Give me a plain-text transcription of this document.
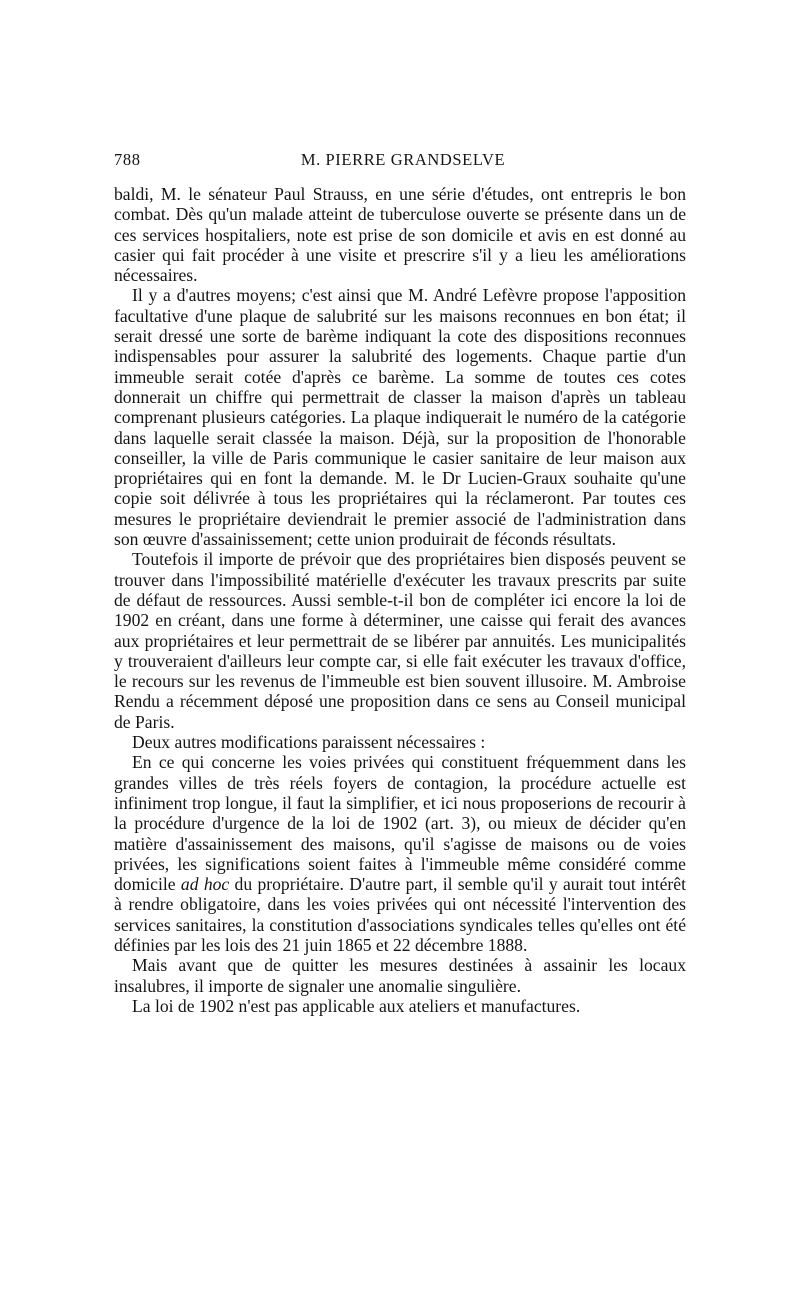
788	M. PIERRE GRANDSELVE

baldi, M. le sénateur Paul Strauss, en une série d'études, ont entrepris le bon combat. Dès qu'un malade atteint de tuberculose ouverte se présente dans un de ces services hospitaliers, note est prise de son domicile et avis en est donné au casier qui fait procéder à une visite et prescrire s'il y a lieu les améliorations nécessaires.

Il y a d'autres moyens; c'est ainsi que M. André Lefèvre propose l'apposition facultative d'une plaque de salubrité sur les maisons reconnues en bon état; il serait dressé une sorte de barème indiquant la cote des dispositions reconnues indispensables pour assurer la salubrité des logements. Chaque partie d'un immeuble serait cotée d'après ce barème. La somme de toutes ces cotes donnerait un chiffre qui permettrait de classer la maison d'après un tableau comprenant plusieurs catégories. La plaque indiquerait le numéro de la catégorie dans laquelle serait classée la maison. Déjà, sur la proposition de l'honorable conseiller, la ville de Paris communique le casier sanitaire de leur maison aux propriétaires qui en font la demande. M. le Dr Lucien-Graux souhaite qu'une copie soit délivrée à tous les propriétaires qui la réclameront. Par toutes ces mesures le propriétaire deviendrait le premier associé de l'administration dans son œuvre d'assainissement; cette union produirait de féconds résultats.

Toutefois il importe de prévoir que des propriétaires bien disposés peuvent se trouver dans l'impossibilité matérielle d'exécuter les travaux prescrits par suite de défaut de ressources. Aussi semble-t-il bon de compléter ici encore la loi de 1902 en créant, dans une forme à déterminer, une caisse qui ferait des avances aux propriétaires et leur permettrait de se libérer par annuités. Les municipalités y trouveraient d'ailleurs leur compte car, si elle fait exécuter les travaux d'office, le recours sur les revenus de l'immeuble est bien souvent illusoire. M. Ambroise Rendu a récemment déposé une proposition dans ce sens au Conseil municipal de Paris.

Deux autres modifications paraissent nécessaires :

En ce qui concerne les voies privées qui constituent fréquemment dans les grandes villes de très réels foyers de contagion, la procédure actuelle est infiniment trop longue, il faut la simplifier, et ici nous proposerions de recourir à la procédure d'urgence de la loi de 1902 (art. 3), ou mieux de décider qu'en matière d'assainissement des maisons, qu'il s'agisse de maisons ou de voies privées, les significations soient faites à l'immeuble même considéré comme domicile ad hoc du propriétaire. D'autre part, il semble qu'il y aurait tout intérêt à rendre obligatoire, dans les voies privées qui ont nécessité l'intervention des services sanitaires, la constitution d'associations syndicales telles qu'elles ont été définies par les lois des 21 juin 1865 et 22 décembre 1888.

Mais avant que de quitter les mesures destinées à assainir les locaux insalubres, il importe de signaler une anomalie singulière.

La loi de 1902 n'est pas applicable aux ateliers et manufactures.
